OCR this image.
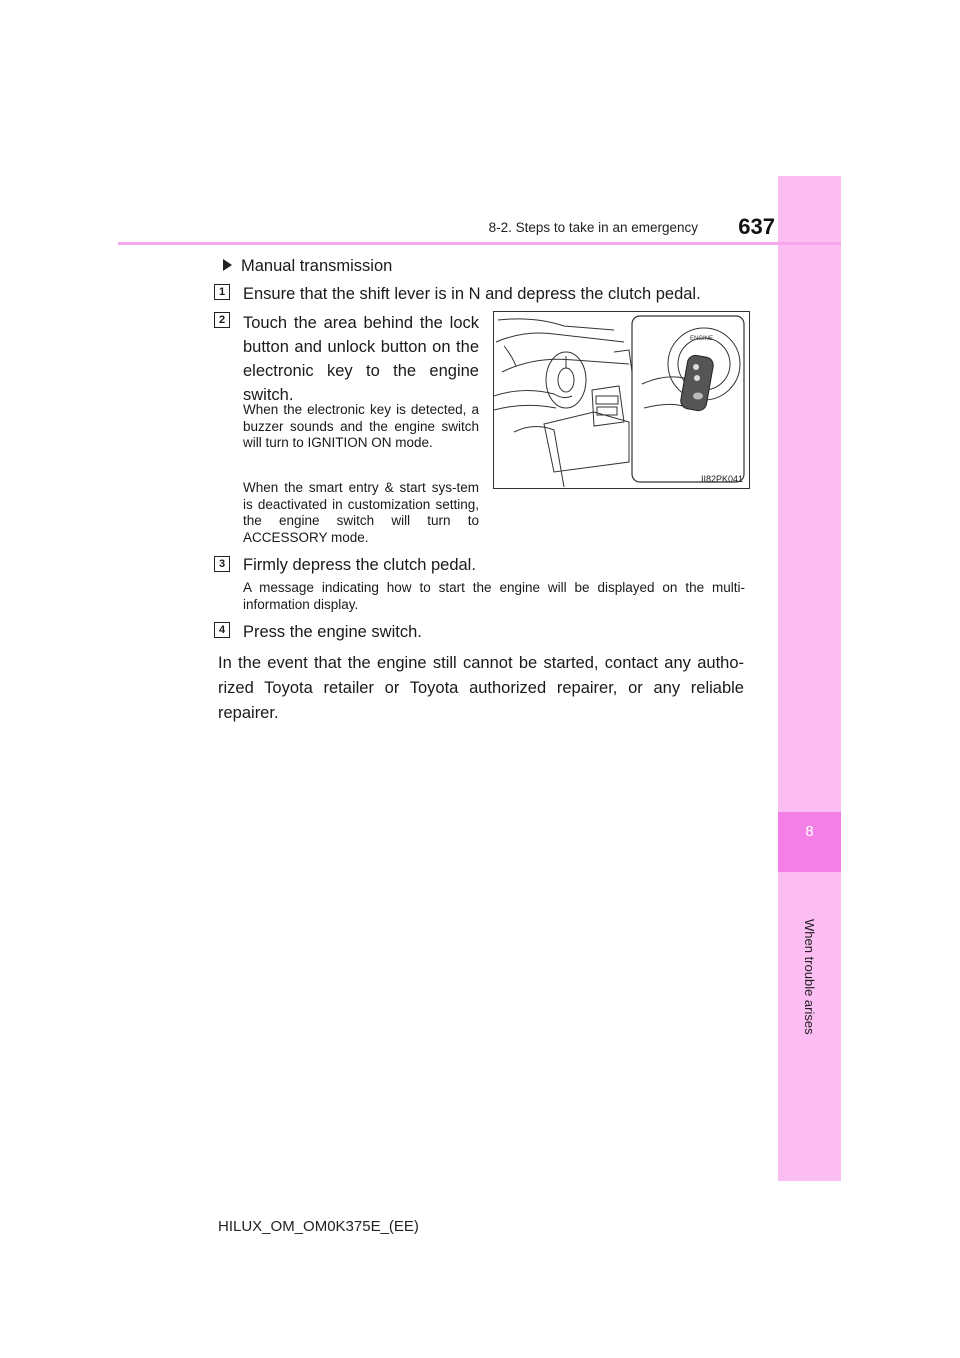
8
When trouble arises
8-2. Steps to take in an emergency	637
Manual transmission
1 Ensure that the shift lever is in N and depress the clutch pedal.
2 Touch the area behind the lock button and unlock button on the electronic key to the engine switch.
When the electronic key is detected, a buzzer sounds and the engine switch will turn to IGNITION ON mode.
When the smart entry & start sys-tem is deactivated in customization setting, the engine switch will turn to ACCESSORY mode.
ENGINE
II82PK041
3 Firmly depress the clutch pedal.
A message indicating how to start the engine will be displayed on the multi-information display.
4 Press the engine switch.
In the event that the engine still cannot be started, contact any autho-rized Toyota retailer or Toyota authorized repairer, or any reliable repairer.
HILUX_OM_OM0K375E_(EE)
